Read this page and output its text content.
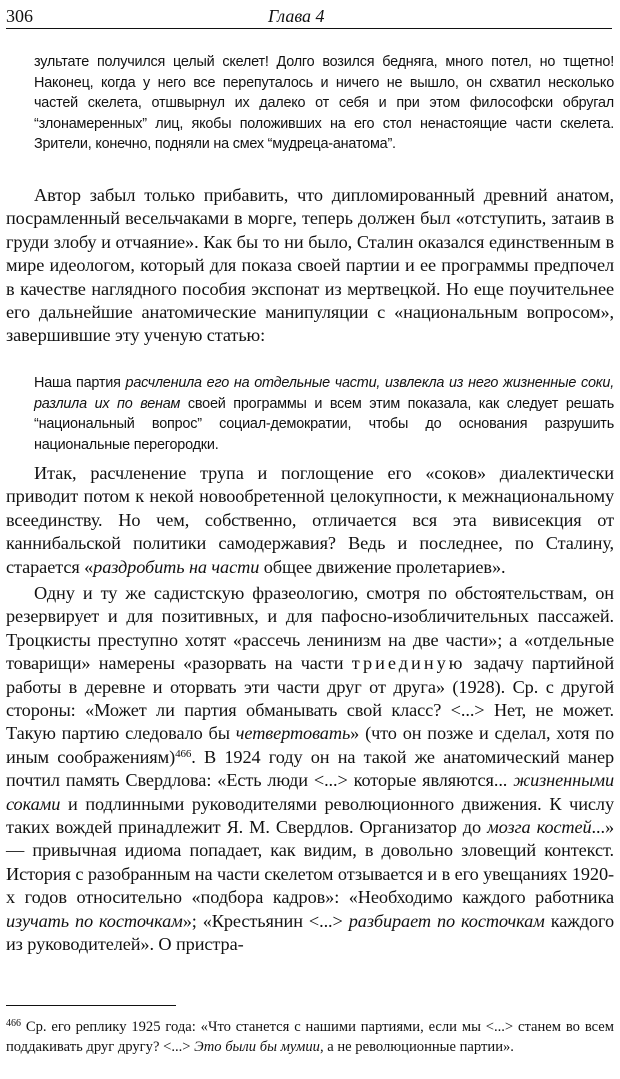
306	Глава 4
зультате получился целый скелет! Долго возился бедняга, много потел, но тщетно! Наконец, когда у него все перепуталось и ничего не вышло, он схватил несколько частей скелета, отшвырнул их далеко от себя и при этом философски обругал “злонамеренных” лиц, якобы положивших на его стол ненастоящие части скелета. Зрители, конечно, подняли на смех “мудреца-анатома”.
Автор забыл только прибавить, что дипломированный древний анатом, посрамленный весельчаками в морге, теперь должен был «отступить, затаив в груди злобу и отчаяние». Как бы то ни было, Сталин оказался единственным в мире идеологом, который для показа своей партии и ее программы предпочел в качестве наглядного пособия экспонат из мертвецкой. Но еще поучительнее его дальнейшие анатомические манипуляции с «национальным вопросом», завершившие эту ученую статью:
Наша партия расчленила его на отдельные части, извлекла из него жизненные соки, разлила их по венам своей программы и всем этим показала, как следует решать “национальный вопрос” социал-демократии, чтобы до основания разрушить национальные перегородки.
Итак, расчленение трупа и поглощение его «соков» диалектически приводит потом к некой новообретенной целокупности, к межнациональному всеединству. Но чем, собственно, отличается вся эта вивисекция от каннибальской политики самодержавия? Ведь и последнее, по Сталину, старается «раздробить на части общее движение пролетариев».
Одну и ту же садистскую фразеологию, смотря по обстоятельствам, он резервирует и для позитивных, и для пафосно-изобличительных пассажей. Троцкисты преступно хотят «рассечь ленинизм на две части»; а «отдельные товарищи» намерены «разорвать на части триединую задачу партийной работы в деревне и оторвать эти части друг от друга» (1928). Ср. с другой стороны: «Может ли партия обманывать свой класс? <...> Нет, не может. Такую партию следовало бы четвертовать» (что он позже и сделал, хотя по иным соображениям)$^{466}$. В 1924 году он на такой же анатомический манер почтил память Свердлова: «Есть люди <...> которые являются... жизненными соками и подлинными руководителями революционного движения. К числу таких вождей принадлежит Я. М. Свердлов. Организатор до мозга костей...» — привычная идиома попадает, как видим, в довольно зловещий контекст. История с разобранным на части скелетом отзывается и в его увещаниях 1920-х годов относительно «подбора кадров»: «Необходимо каждого работника изучать по косточкам»; «Крестьянин <...> разбирает по косточкам каждого из руководителей». О пристра-
$^{466}$ Ср. его реплику 1925 года: «Что станется с нашими партиями, если мы <...> станем во всем поддакивать друг другу? <...> Это были бы мумии, а не революционные партии».
